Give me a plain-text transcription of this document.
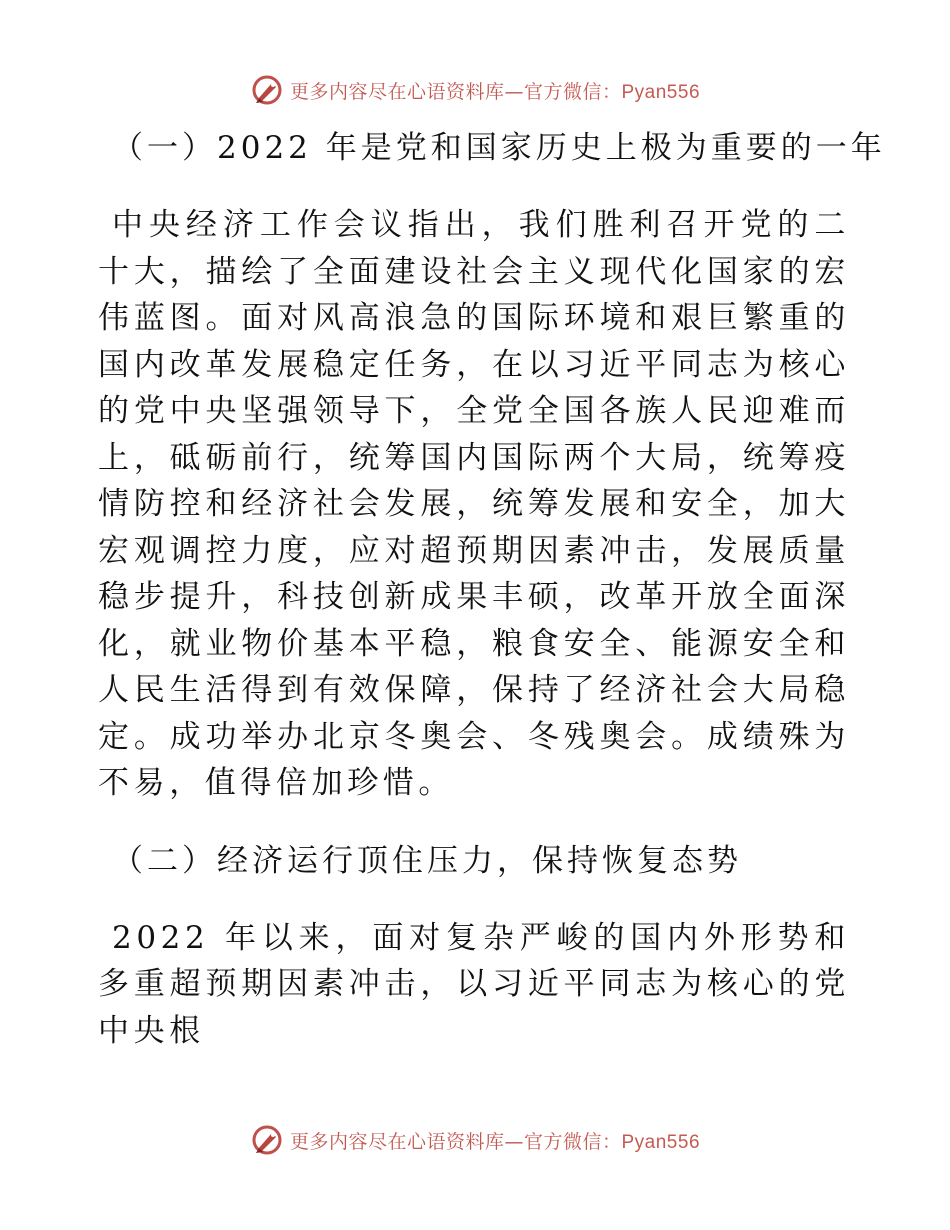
更多内容尽在心语资料库—官方微信：Pyan556
（一）2022 年是党和国家历史上极为重要的一年

中央经济工作会议指出，我们胜利召开党的二十大，描绘了全面建设社会主义现代化国家的宏伟蓝图。面对风高浪急的国际环境和艰巨繁重的国内改革发展稳定任务，在以习近平同志为核心的党中央坚强领导下，全党全国各族人民迎难而上，砥砺前行，统筹国内国际两个大局，统筹疫情防控和经济社会发展，统筹发展和安全，加大宏观调控力度，应对超预期因素冲击，发展质量稳步提升，科技创新成果丰硕，改革开放全面深化，就业物价基本平稳，粮食安全、能源安全和人民生活得到有效保障，保持了经济社会大局稳定。成功举办北京冬奥会、冬残奥会。成绩殊为不易，值得倍加珍惜。

（二）经济运行顶住压力，保持恢复态势

2022 年以来，面对复杂严峻的国内外形势和多重超预期因素冲击，以习近平同志为核心的党中央根

更多内容尽在心语资料库—官方微信：Pyan556
